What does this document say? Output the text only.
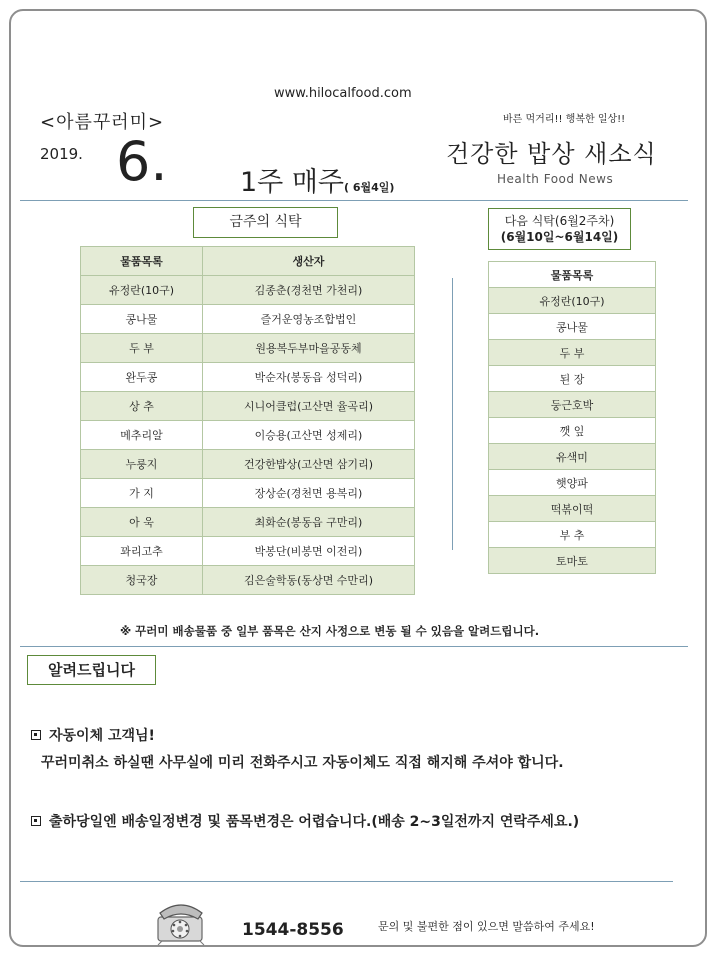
www.hilocalfood.com
<아름꾸러미>
2019. 6.	1주 매주( 6월4일)
바른 먹거리!! 행복한 일상!!
건강한 밥상 새소식
Health Food News
금주의 식탁	다음 식탁(6월2주차)
(6월10일~6월14일)
물품목록	생산자
유정란(10구)	김종춘(경천면 가천리)
콩나물	즐거운영농조합법인
두 부	원용복두부마을공동체
완두콩	박순자(봉동읍 성덕리)
상 추	시니어클럽(고산면 율곡리)
메추리알	이승용(고산면 성제리)
누룽지	건강한밥상(고산면 삼기리)
가 지	장상순(경천면 용복리)
아 욱	최화순(봉동읍 구만리)
꽈리고추	박봉단(비봉면 이전리)
청국장	김은술학동(동상면 수만리)
물품목록
유정란(10구)
콩나물
두 부
된 장
둥근호박
깻 잎
유색미
햇양파
떡볶이떡
부 추
토마토
※ 꾸러미 배송물품 중 일부 품목은 산지 사정으로 변동 될 수 있음을 알려드립니다.
알려드립니다
자동이체 고객님!
꾸러미취소 하실땐 사무실에 미리 전화주시고 자동이체도 직접 해지해 주셔야 합니다.
출하당일엔 배송일정변경 및 품목변경은 어렵습니다.(배송 2~3일전까지 연락주세요.)
1544-8556	문의 및 불편한 점이 있으면 말씀하여 주세요!
